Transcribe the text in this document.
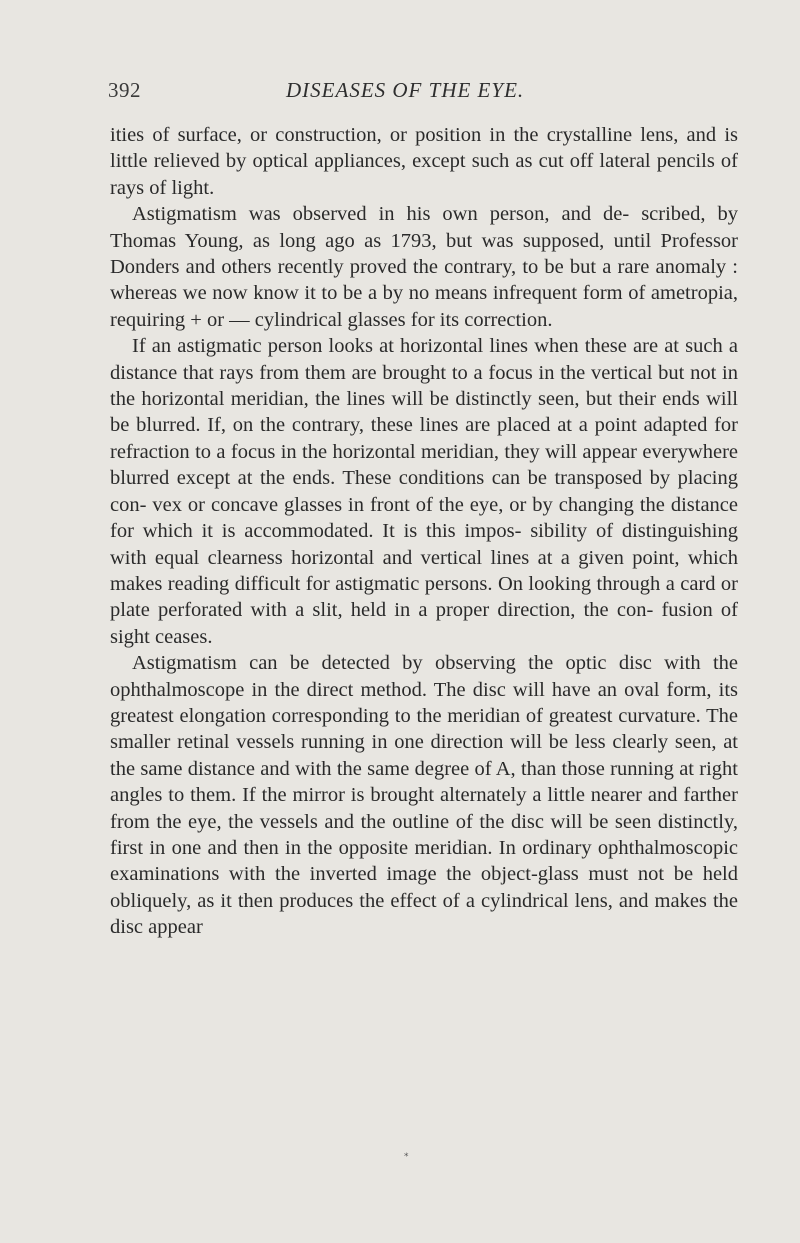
392	DISEASES OF THE EYE.

ities of surface, or construction, or position in the crystalline lens, and is little relieved by optical appliances, except such as cut off lateral pencils of rays of light.

Astigmatism was observed in his own person, and de- scribed, by Thomas Young, as long ago as 1793, but was supposed, until Professor Donders and others recently proved the contrary, to be but a rare anomaly : whereas we now know it to be a by no means infrequent form of ametropia, requiring + or — cylindrical glasses for its correction.

If an astigmatic person looks at horizontal lines when these are at such a distance that rays from them are brought to a focus in the vertical but not in the horizontal meridian, the lines will be distinctly seen, but their ends will be blurred. If, on the contrary, these lines are placed at a point adapted for refraction to a focus in the horizontal meridian, they will appear everywhere blurred except at the ends. These conditions can be transposed by placing con- vex or concave glasses in front of the eye, or by changing the distance for which it is accommodated. It is this impos- sibility of distinguishing with equal clearness horizontal and vertical lines at a given point, which makes reading difficult for astigmatic persons. On looking through a card or plate perforated with a slit, held in a proper direction, the con- fusion of sight ceases.

Astigmatism can be detected by observing the optic disc with the ophthalmoscope in the direct method. The disc will have an oval form, its greatest elongation corresponding to the meridian of greatest curvature. The smaller retinal vessels running in one direction will be less clearly seen, at the same distance and with the same degree of A, than those running at right angles to them. If the mirror is brought alternately a little nearer and farther from the eye, the vessels and the outline of the disc will be seen distinctly, first in one and then in the opposite meridian. In ordinary ophthalmoscopic examinations with the inverted image the object-glass must not be held obliquely, as it then produces the effect of a cylindrical lens, and makes the disc appear

*
